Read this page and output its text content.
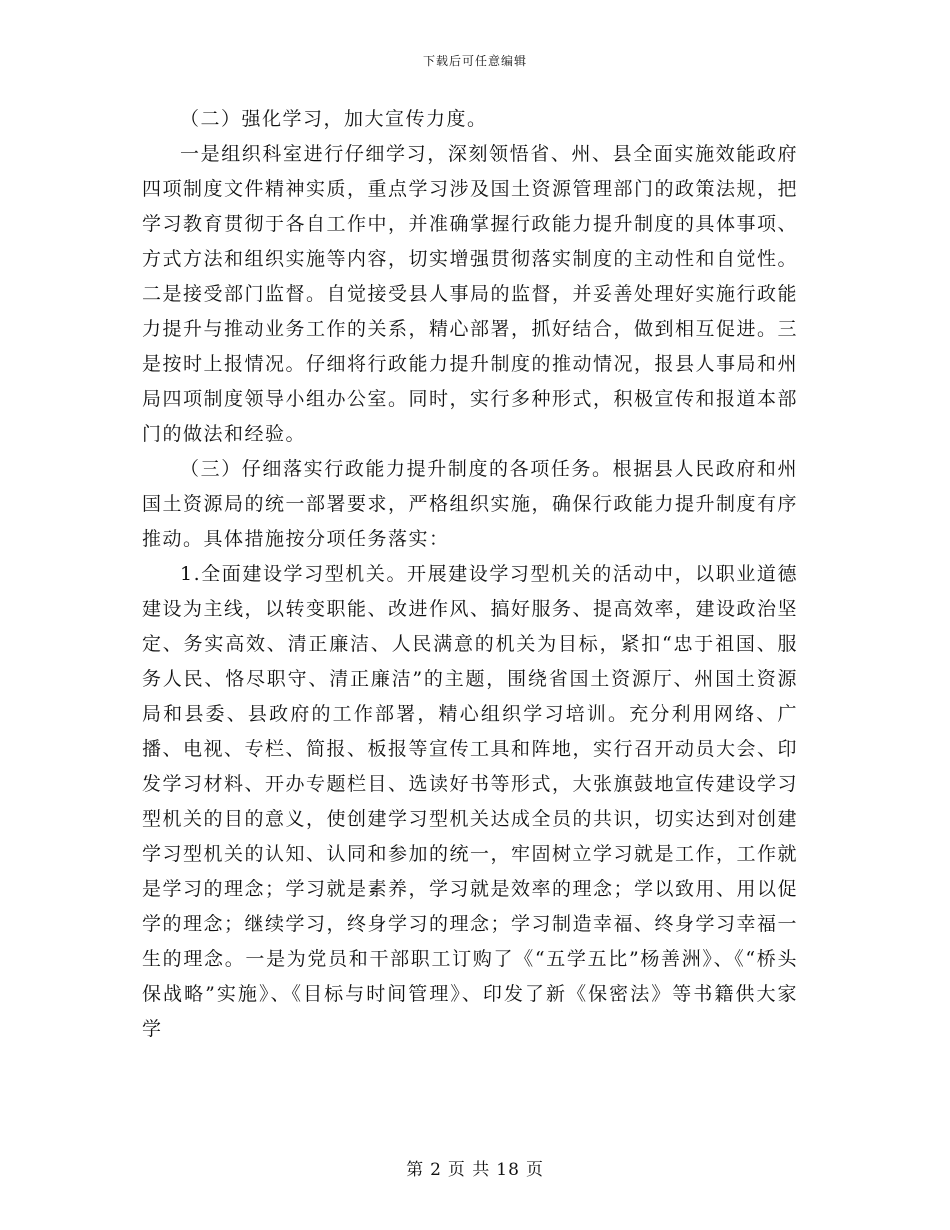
下载后可任意编辑

（二）强化学习，加大宣传力度。

一是组织科室进行仔细学习，深刻领悟省、州、县全面实施效能政府四项制度文件精神实质，重点学习涉及国土资源管理部门的政策法规，把学习教育贯彻于各自工作中，并准确掌握行政能力提升制度的具体事项、方式方法和组织实施等内容，切实增强贯彻落实制度的主动性和自觉性。二是接受部门监督。自觉接受县人事局的监督，并妥善处理好实施行政能力提升与推动业务工作的关系，精心部署，抓好结合，做到相互促进。三是按时上报情况。仔细将行政能力提升制度的推动情况，报县人事局和州局四项制度领导小组办公室。同时，实行多种形式，积极宣传和报道本部门的做法和经验。

（三）仔细落实行政能力提升制度的各项任务。根据县人民政府和州国土资源局的统一部署要求，严格组织实施，确保行政能力提升制度有序推动。具体措施按分项任务落实：

1.全面建设学习型机关。开展建设学习型机关的活动中，以职业道德建设为主线，以转变职能、改进作风、搞好服务、提高效率，建设政治坚定、务实高效、清正廉洁、人民满意的机关为目标，紧扣“忠于祖国、服务人民、恪尽职守、清正廉洁”的主题，围绕省国土资源厅、州国土资源局和县委、县政府的工作部署，精心组织学习培训。充分利用网络、广播、电视、专栏、简报、板报等宣传工具和阵地，实行召开动员大会、印发学习材料、开办专题栏目、选读好书等形式，大张旗鼓地宣传建设学习型机关的目的意义，使创建学习型机关达成全员的共识，切实达到对创建学习型机关的认知、认同和参加的统一，牢固树立学习就是工作，工作就是学习的理念；学习就是素养，学习就是效率的理念；学以致用、用以促学的理念；继续学习，终身学习的理念；学习制造幸福、终身学习幸福一生的理念。一是为党员和干部职工订购了《“五学五比”杨善洲》、《“桥头保战略”实施》、《目标与时间管理》、印发了新《保密法》等书籍供大家学

第 2 页 共 18 页
